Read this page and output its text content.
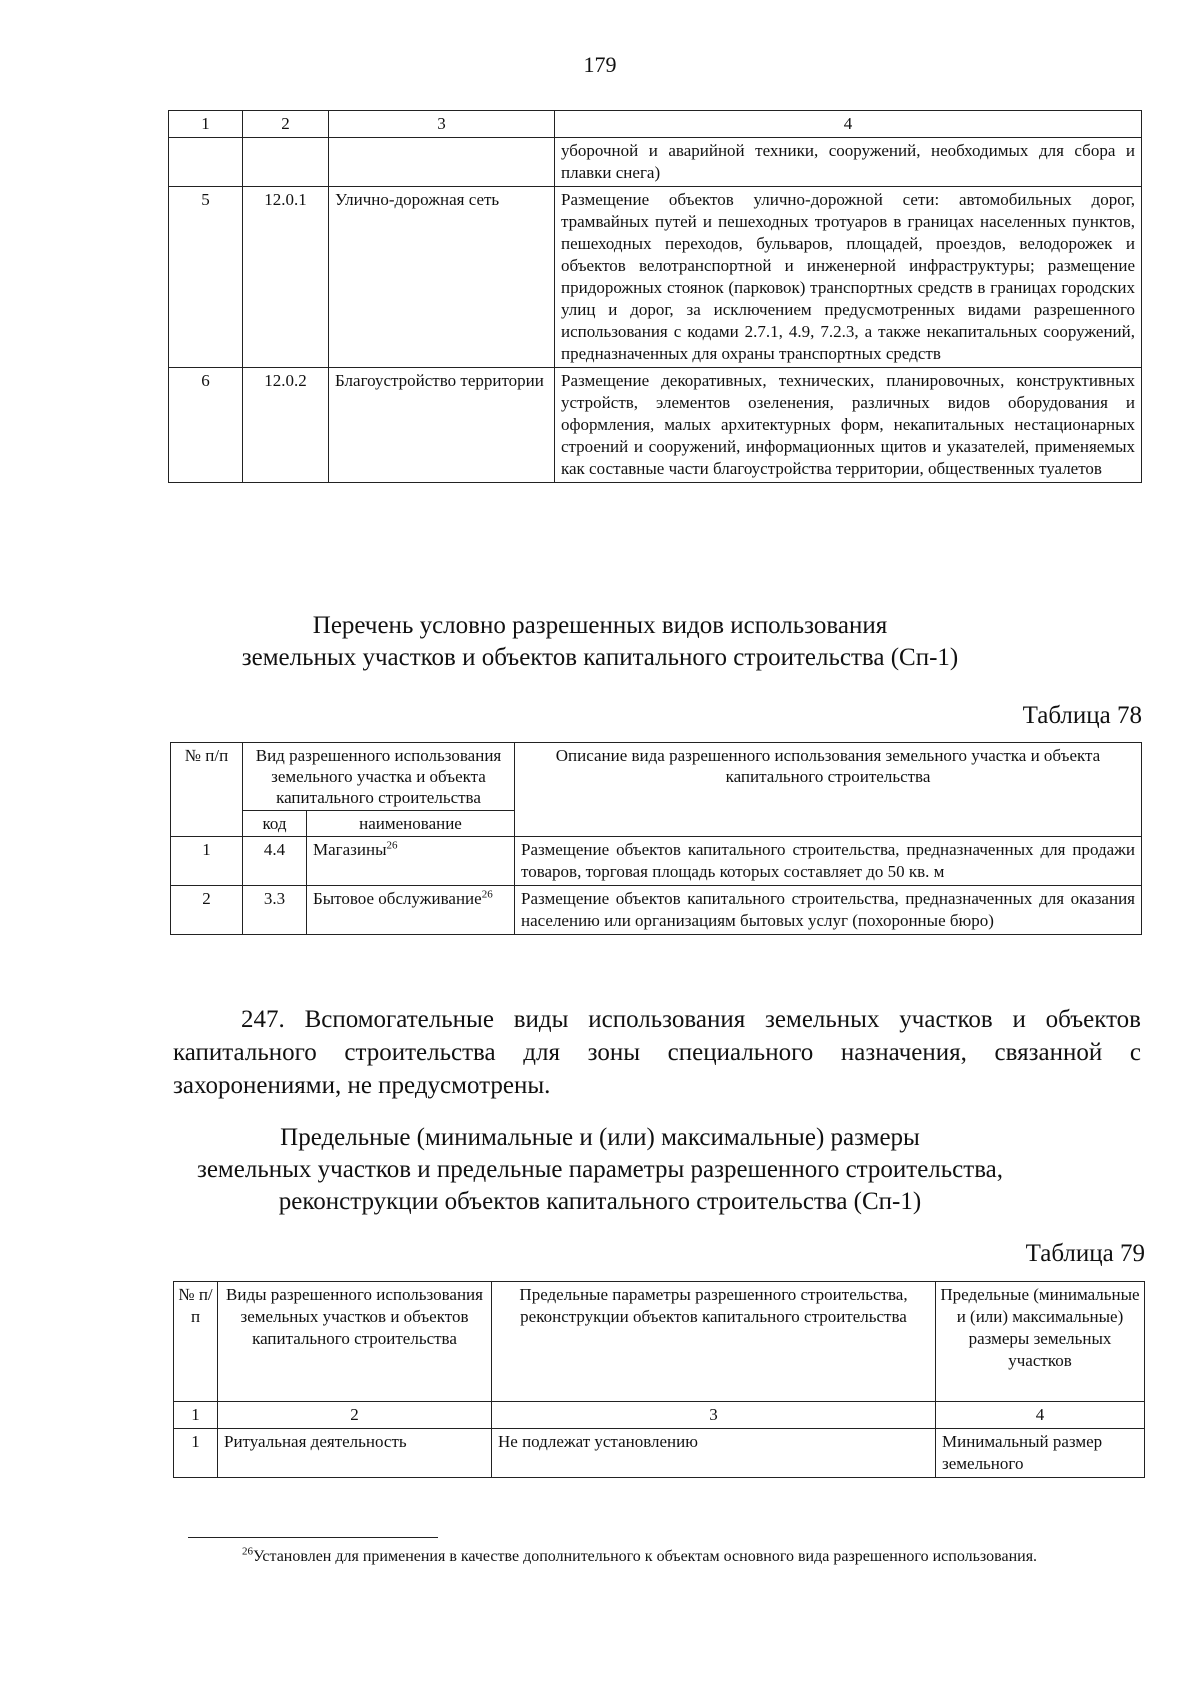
179
1	2	3	4
			уборочной и аварийной техники, сооружений, необходимых для сбора и плавки снега)
5	12.0.1	Улично-дорожная сеть	Размещение объектов улично-дорожной сети: автомобильных дорог, трамвайных путей и пешеходных тротуаров в границах населенных пунктов, пешеходных переходов, бульваров, площадей, проездов, велодорожек и объектов велотранспортной и инженерной инфраструктуры; размещение придорожных стоянок (парковок) транспортных средств в границах городских улиц и дорог, за исключением предусмотренных видами разрешенного использования с кодами 2.7.1, 4.9, 7.2.3, а также некапитальных сооружений, предназначенных для охраны транспортных средств
6	12.0.2	Благоустройство территории	Размещение декоративных, технических, планировочных, конструктивных устройств, элементов озеленения, различных видов оборудования и оформления, малых архитектурных форм, некапитальных нестационарных строений и сооружений, информационных щитов и указателей, применяемых как составные части благоустройства территории, общественных туалетов
Перечень условно разрешенных видов использования
земельных участков и объектов капитального строительства (Сп-1)
Таблица 78
№ п/п	Вид разрешенного использования земельного участка и объекта капитального строительства		Описание вида разрешенного использования земельного участка и объекта капитального строительства
	код	наименование	
1	4.4	Магазины$^{26}$	Размещение объектов капитального строительства, предназначенных для продажи товаров, торговая площадь которых составляет до 50 кв. м
2	3.3	Бытовое обслуживание$^{26}$	Размещение объектов капитального строительства, предназначенных для оказания населению или организациям бытовых услуг (похоронные бюро)
247. Вспомогательные виды использования земельных участков и объектов капитального строительства для зоны специального назначения, связанной с захоронениями, не предусмотрены.
Предельные (минимальные и (или) максимальные) размеры
земельных участков и предельные параметры разрешенного строительства,
реконструкции объектов капитального строительства (Сп-1)
Таблица 79
№ п/п	Виды разрешенного использования земельных участков и объектов капитального строительства	Предельные параметры разрешенного строительства, реконструкции объектов капитального строительства	Предельные (минимальные и (или) максимальные) размеры земельных участков
1	2	3	4
1	Ритуальная деятельность	Не подлежат установлению	Минимальный размер земельного
$^{26}$Установлен для применения в качестве дополнительного к объектам основного вида разрешенного использования.
